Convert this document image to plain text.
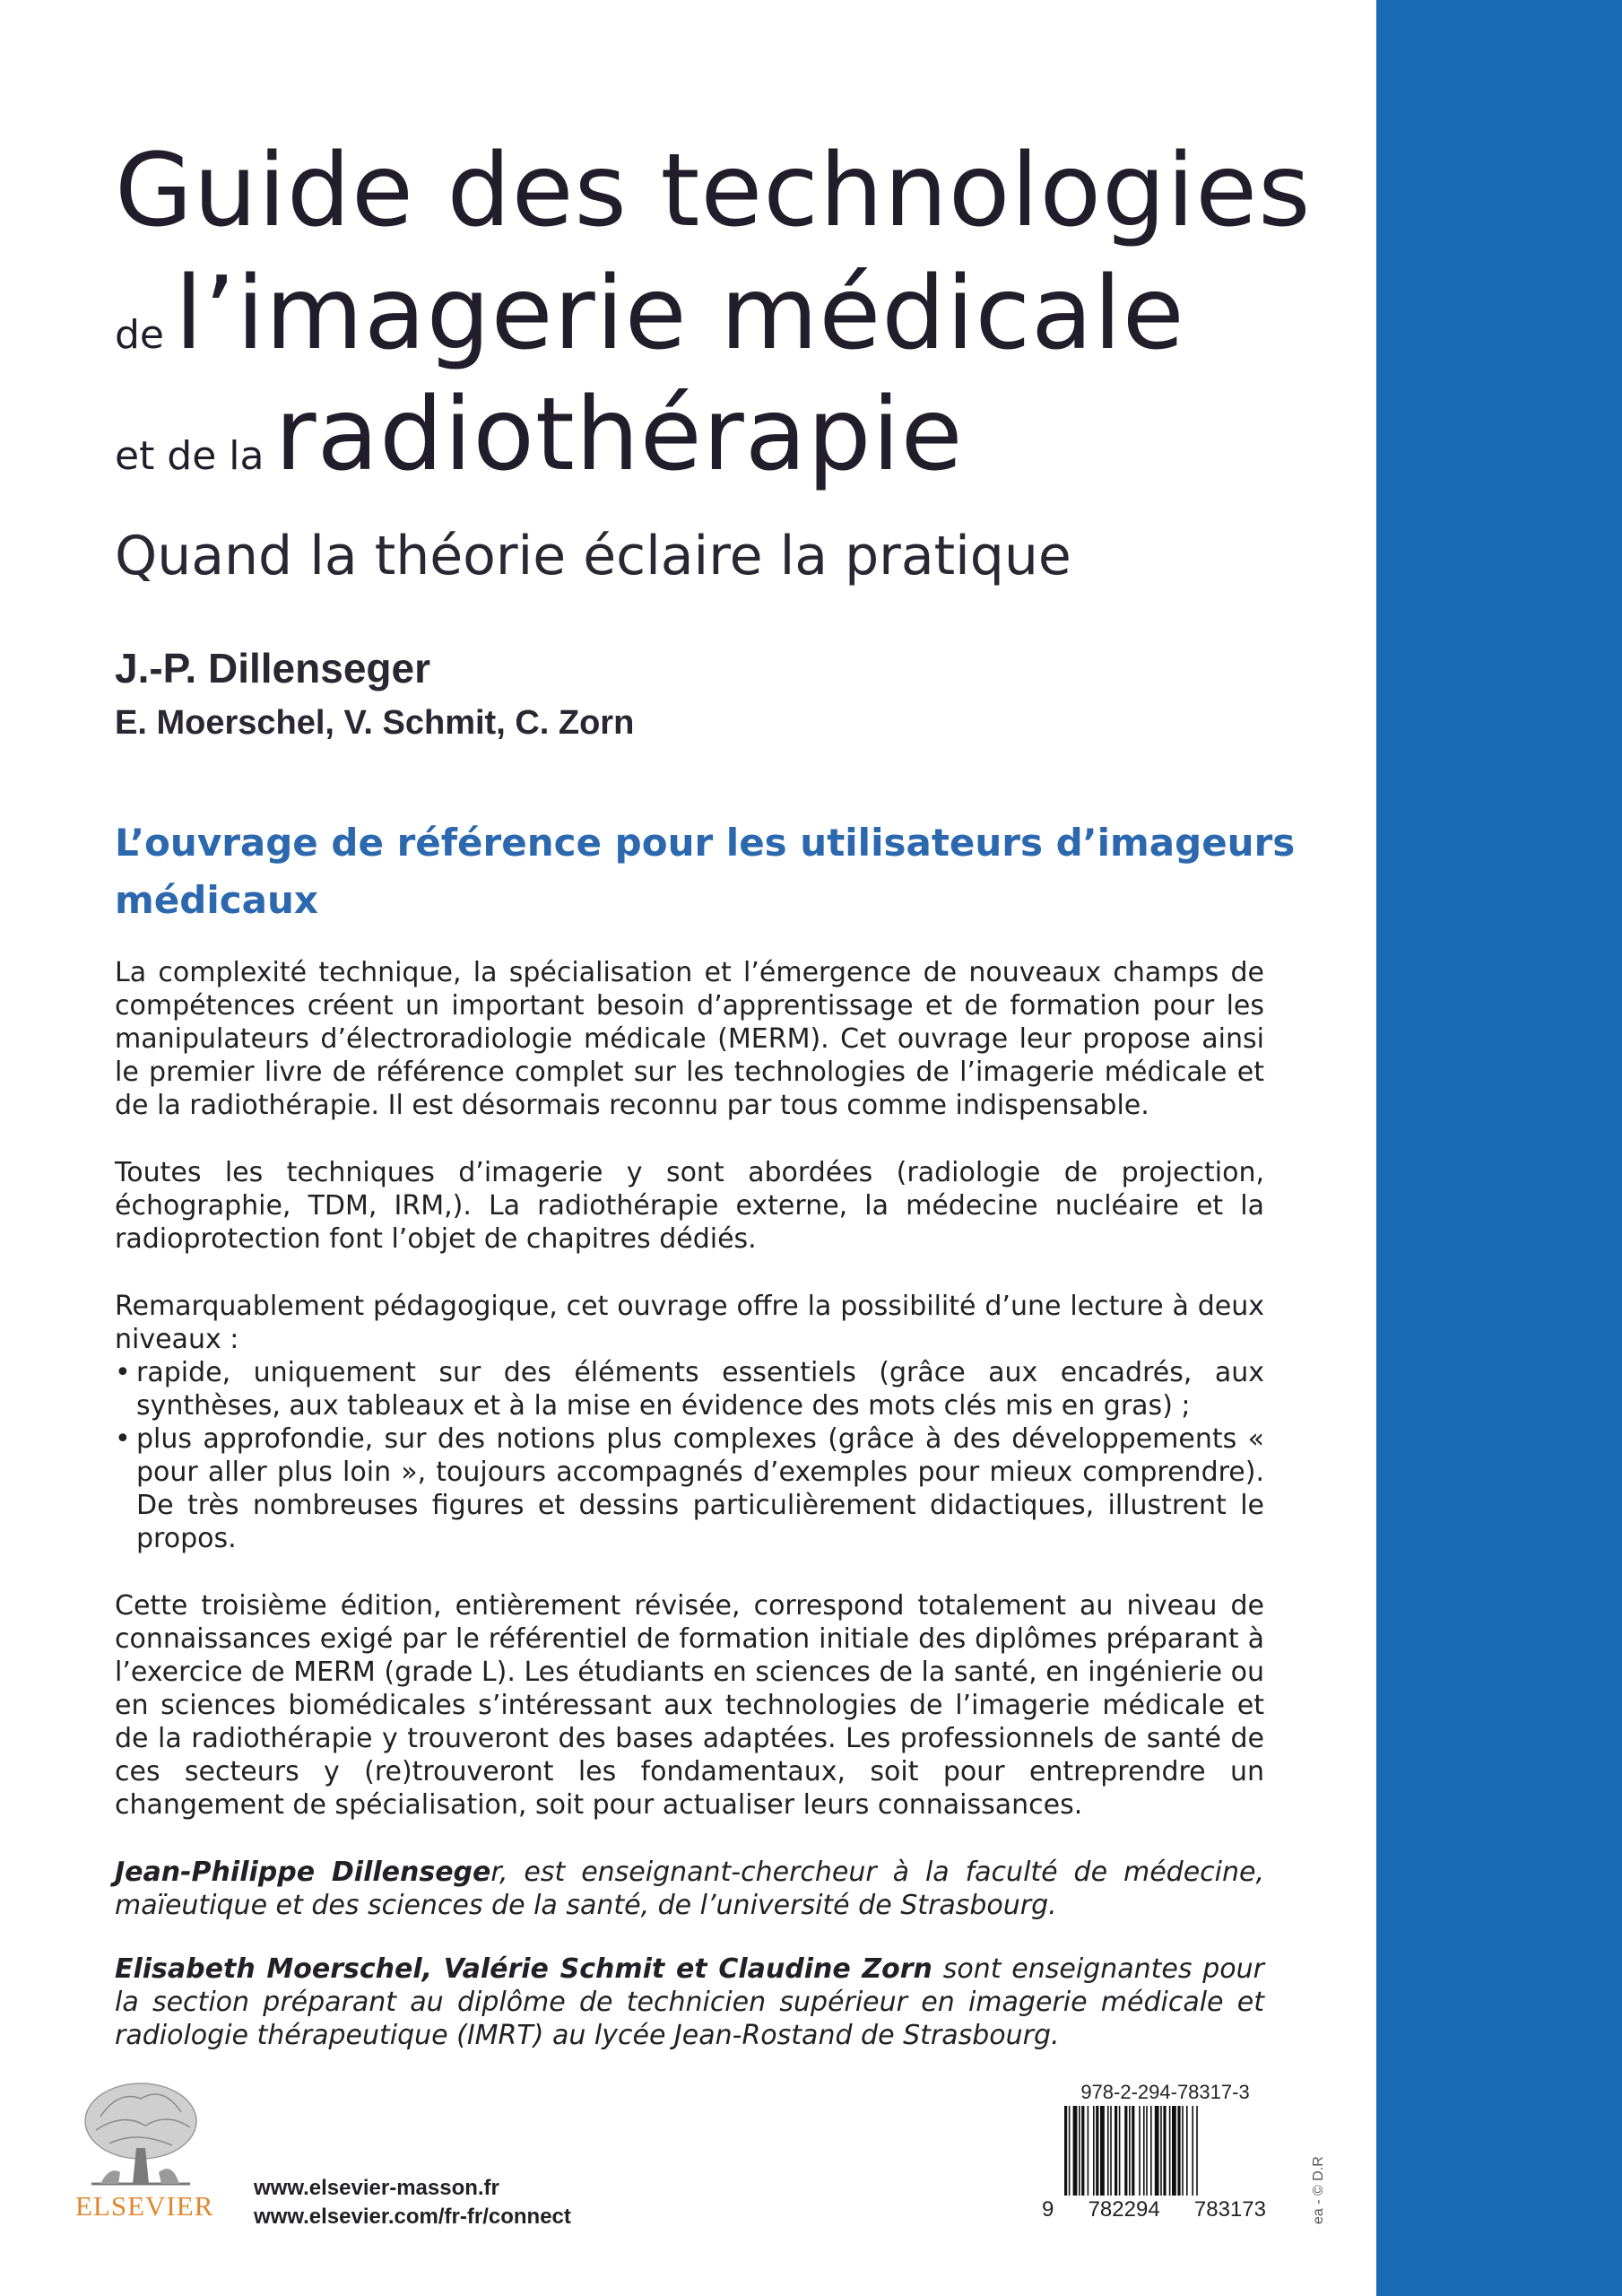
Guide des technologies
de l’imagerie médicale
et de la radiothérapie
Quand la théorie éclaire la pratique
J.-P. Dillenseger
E. Moerschel, V. Schmit, C. Zorn
L’ouvrage de référence pour les utilisateurs d’imageurs médicaux

La complexité technique, la spécialisation et l’émergence de nouveaux champs de compétences créent un important besoin d’apprentissage et de formation pour les manipulateurs d’électroradiologie médicale (MERM). Cet ouvrage leur propose ainsi le premier livre de référence complet sur les technologies de l’imagerie médicale et de la radiothérapie. Il est désormais reconnu par tous comme indispensable.

Toutes les techniques d’imagerie y sont abordées (radiologie de projection, échographie, TDM, IRM,). La radiothérapie externe, la médecine nucléaire et la radioprotection font l’objet de chapitres dédiés.

Remarquablement pédagogique, cet ouvrage offre la possibilité d’une lecture à deux niveaux :

• rapide, uniquement sur des éléments essentiels (grâce aux encadrés, aux synthèses, aux tableaux et à la mise en évidence des mots clés mis en gras) ;
• plus approfondie, sur des notions plus complexes (grâce à des développements « pour aller plus loin », toujours accompagnés d’exemples pour mieux comprendre). De très nombreuses figures et dessins particulièrement didactiques, illustrent le propos.

Cette troisième édition, entièrement révisée, correspond totalement au niveau de connaissances exigé par le référentiel de formation initiale des diplômes préparant à l’exercice de MERM (grade L). Les étudiants en sciences de la santé, en ingénierie ou en sciences biomédicales s’intéressant aux technologies de l’imagerie médicale et de la radiothérapie y trouveront des bases adaptées. Les professionnels de santé de ces secteurs y (re)trouveront les fondamentaux, soit pour entreprendre un changement de spécialisation, soit pour actualiser leurs connaissances.

Jean-Philippe Dillenseger, est enseignant-chercheur à la faculté de médecine, maïeutique et des sciences de la santé, de l’université de Strasbourg.

Elisabeth Moerschel, Valérie Schmit et Claudine Zorn sont enseignantes pour la section préparant au diplôme de technicien supérieur en imagerie médicale et radiologie thérapeutique (IMRT) au lycée Jean-Rostand de Strasbourg.

ELSEVIER
www.elsevier-masson.fr
www.elsevier.com/fr-fr/connect
978-2-294-78317-3
9 782294 783173	ea - © D.R
